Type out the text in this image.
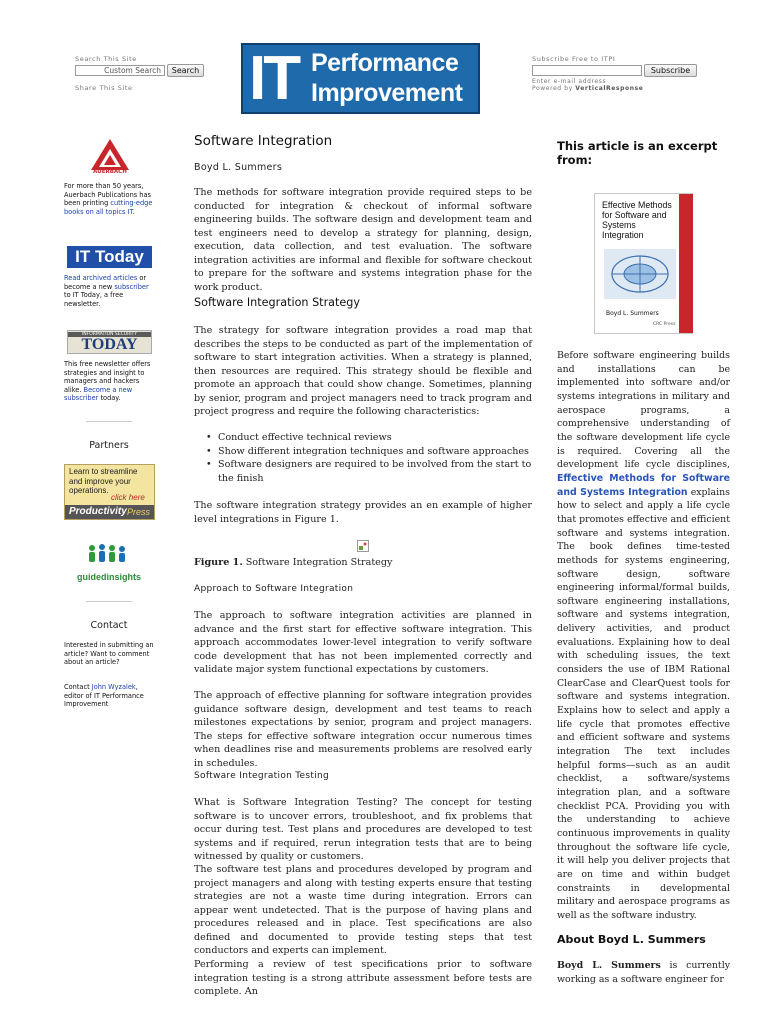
Search This Site
Custom Search	Search
Share This Site IT Performance
Improvement
Subscribe Free to ITPI
Subscribe
Enter e-mail address
Powered by VerticalResponse
AUERBACH
For more than 50 years, Auerbach Publications has been printing cutting-edge books on all topics IT.
IT Today
Read archived articles or become a new subscriber to IT Today, a free newsletter.
INFORMATION SECURITY
TODAY
This free newsletter offers strategies and insight to managers and hackers alike. Become a new subscriber today.
Partners
Learn to streamline and improve your operations.
click here
Productivity Press
guidedinsights
Contact
Interested in submitting an article? Want to comment about an article?
Contact John Wyzalek, editor of IT Performance Improvement
Software Integration
Boyd L. Summers

The methods for software integration provide required steps to be conducted for integration & checkout of informal software engineering builds. The software design and development team and test engineers need to develop a strategy for planning, design, execution, data collection, and test evaluation. The software integration activities are informal and flexible for software checkout to prepare for the software and systems integration phase for the work product.

Software Integration Strategy

The strategy for software integration provides a road map that describes the steps to be conducted as part of the implementation of software to start integration activities. When a strategy is planned, then resources are required. This strategy should be flexible and promote an approach that could show change. Sometimes, planning by senior, program and project managers need to track program and project progress and require the following characteristics:

• Conduct effective technical reviews
• Show different integration techniques and software approaches
• Software designers are required to be involved from the start to the finish

The software integration strategy provides an en example of higher level integrations in Figure 1.

Figure 1. Software Integration Strategy
Approach to Software Integration

The approach to software integration activities are planned in advance and the first start for effective software integration. This approach accommodates lower-level integration to verify software code development that has not been implemented correctly and validate major system functional expectations by customers.

The approach of effective planning for software integration provides guidance software design, development and test teams to reach milestones expectations by senior, program and project managers. The steps for effective software integration occur numerous times when deadlines rise and measurements problems are resolved early in schedules.

Software Integration Testing

What is Software Integration Testing? The concept for testing software is to uncover errors, troubleshoot, and fix problems that occur during test. Test plans and procedures are developed to test systems and if required, rerun integration tests that are to being witnessed by quality or customers.

The software test plans and procedures developed by program and project managers and along with testing experts ensure that testing strategies are not a waste time during integration. Errors can appear went undetected. That is the purpose of having plans and procedures released and in place. Test specifications are also defined and documented to provide testing steps that test conductors and experts can implement.

Performing a review of test specifications prior to software integration testing is a strong attribute assessment before tests are complete. An

This article is an excerpt from:
Effective Methods for Software and Systems Integration
Boyd L. Summers
CRC Press

Before software engineering builds and installations can be implemented into software and/or systems integrations in military and aerospace programs, a comprehensive understanding of the software development life cycle is required. Covering all the development life cycle disciplines, Effective Methods for Software and Systems Integration explains how to select and apply a life cycle that promotes effective and efficient software and systems integration. The book defines time-tested methods for systems engineering, software design, software engineering informal/formal builds, software engineering installations, software and systems integration, delivery activities, and product evaluations. Explaining how to deal with scheduling issues, the text considers the use of IBM Rational ClearCase and ClearQuest tools for software and systems integration. Explains how to select and apply a life cycle that promotes effective and efficient software and systems integration The text includes helpful forms—such as an audit checklist, a software/systems integration plan, and a software checklist PCA. Providing you with the understanding to achieve continuous improvements in quality throughout the software life cycle, it will help you deliver projects that are on time and within budget constraints in developmental military and aerospace programs as well as the software industry.

About Boyd L. Summers

Boyd L. Summers is currently working as a software engineer for
